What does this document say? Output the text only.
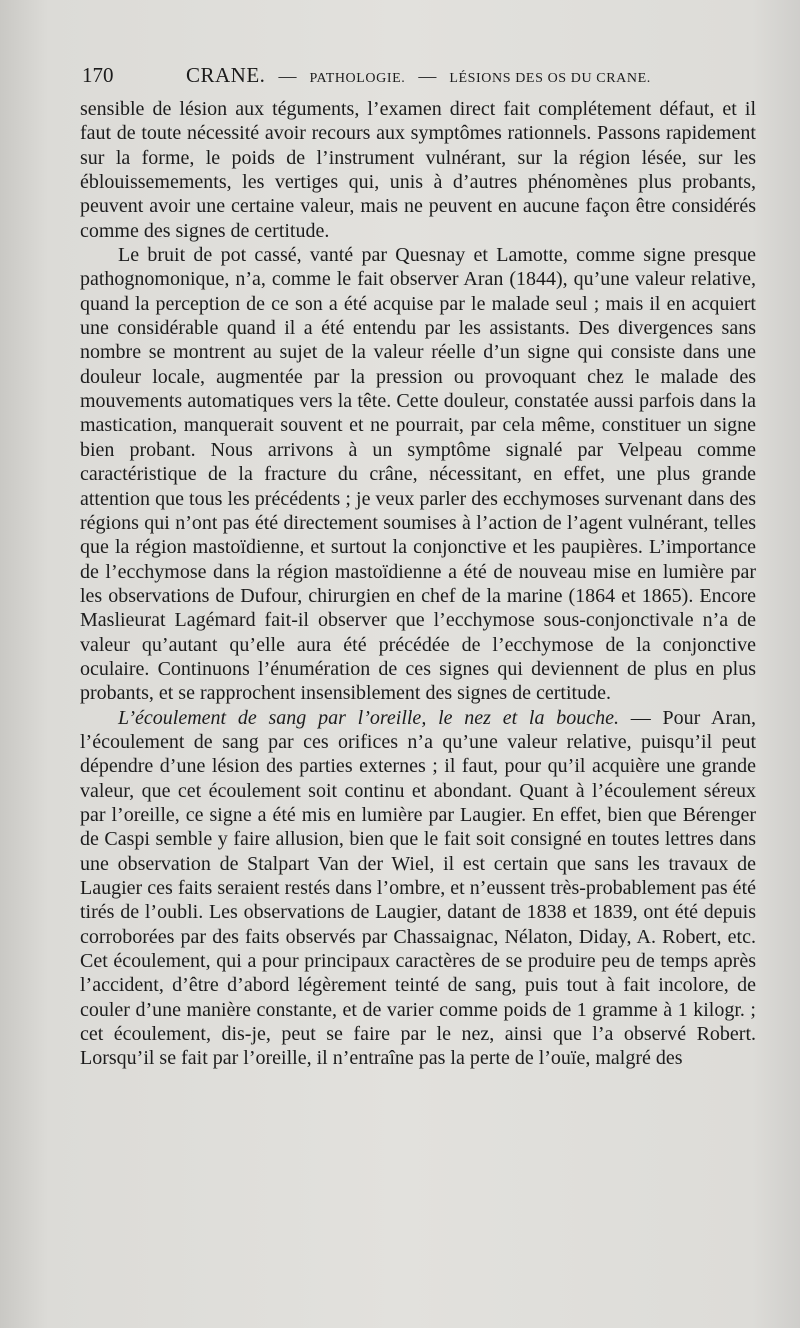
170	CRANE. — PATHOLOGIE. — LÉSIONS DES OS DU CRANE.

sensible de lésion aux téguments, l’examen direct fait complétement défaut, et il faut de toute nécessité avoir recours aux symptômes rationnels. Passons rapidement sur la forme, le poids de l’instrument vulnérant, sur la région lésée, sur les éblouissemements, les vertiges qui, unis à d’autres phénomènes plus probants, peuvent avoir une certaine valeur, mais ne peuvent en aucune façon être considérés comme des signes de certitude.

Le bruit de pot cassé, vanté par Quesnay et Lamotte, comme signe presque pathognomonique, n’a, comme le fait observer Aran (1844), qu’une valeur relative, quand la perception de ce son a été acquise par le malade seul ; mais il en acquiert une considérable quand il a été entendu par les assistants. Des divergences sans nombre se montrent au sujet de la valeur réelle d’un signe qui consiste dans une douleur locale, augmentée par la pression ou provoquant chez le malade des mouvements automatiques vers la tête. Cette douleur, constatée aussi parfois dans la mastication, manquerait souvent et ne pourrait, par cela même, constituer un signe bien probant. Nous arrivons à un symptôme signalé par Velpeau comme caractéristique de la fracture du crâne, nécessitant, en effet, une plus grande attention que tous les précédents ; je veux parler des ecchymoses survenant dans des régions qui n’ont pas été directement soumises à l’action de l’agent vulnérant, telles que la région mastoïdienne, et surtout la conjonctive et les paupières. L’importance de l’ecchymose dans la région mastoïdienne a été de nouveau mise en lumière par les observations de Dufour, chirurgien en chef de la marine (1864 et 1865). Encore Maslieurat Lagémard fait-il observer que l’ecchymose sous-conjonctivale n’a de valeur qu’autant qu’elle aura été précédée de l’ecchymose de la conjonctive oculaire. Continuons l’énumération de ces signes qui deviennent de plus en plus probants, et se rapprochent insensiblement des signes de certitude.

L’écoulement de sang par l’oreille, le nez et la bouche. — Pour Aran, l’écoulement de sang par ces orifices n’a qu’une valeur relative, puisqu’il peut dépendre d’une lésion des parties externes ; il faut, pour qu’il acquière une grande valeur, que cet écoulement soit continu et abondant. Quant à l’écoulement séreux par l’oreille, ce signe a été mis en lumière par Laugier. En effet, bien que Bérenger de Caspi semble y faire allusion, bien que le fait soit consigné en toutes lettres dans une observation de Stalpart Van der Wiel, il est certain que sans les travaux de Laugier ces faits seraient restés dans l’ombre, et n’eussent très-probablement pas été tirés de l’oubli. Les observations de Laugier, datant de 1838 et 1839, ont été depuis corroborées par des faits observés par Chassaignac, Nélaton, Diday, A. Robert, etc. Cet écoulement, qui a pour principaux caractères de se produire peu de temps après l’accident, d’être d’abord légèrement teinté de sang, puis tout à fait incolore, de couler d’une manière constante, et de varier comme poids de 1 gramme à 1 kilogr. ; cet écoulement, dis-je, peut se faire par le nez, ainsi que l’a observé Robert. Lorsqu’il se fait par l’oreille, il n’entraîne pas la perte de l’ouïe, malgré des
